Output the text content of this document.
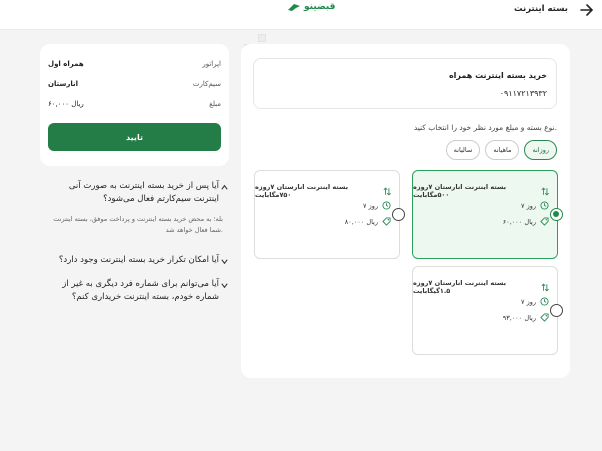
بسته اینترنت
قبضینو
خرید بسته اینترنت همراه
۰۹۱۱۷۲۱۳۹۳۲
نوع بسته و مبلغ مورد نظر خود را انتخاب کنید.
روزانه
ماهیانه
سالیانه
بسته اینترنت انارستان ۷روزه ۵۰۰مگابایت
۷ روز
۶۰,۰۰۰ ریال
بسته اینترنت انارستان ۷روزه ۷۵۰مگابایت
۷ روز
۸۰,۰۰۰ ریال
بسته اینترنت انارستان ۷روزه ۱.۵گیگابایت
۷ روز
۹۳,۰۰۰ ریال
همراه اول	اپراتور
انارستان	سیم‌کارت
۶۰,۰۰۰ ریال	مبلغ
تایید
آیا پس از خرید بسته اینترنت به صورت آنی اینترنت سیم‌کارتم فعال می‌شود؟
بله؛ به محض خرید بسته اینترنت و پرداخت موفق، بسته اینترنت شما فعال خواهد شد.
آیا امکان تکرار خرید بسته اینترنت وجود دارد؟
آیا می‌توانم برای شماره فرد دیگری به غیر از شماره خودم، بسته اینترنت خریداری کنم؟
